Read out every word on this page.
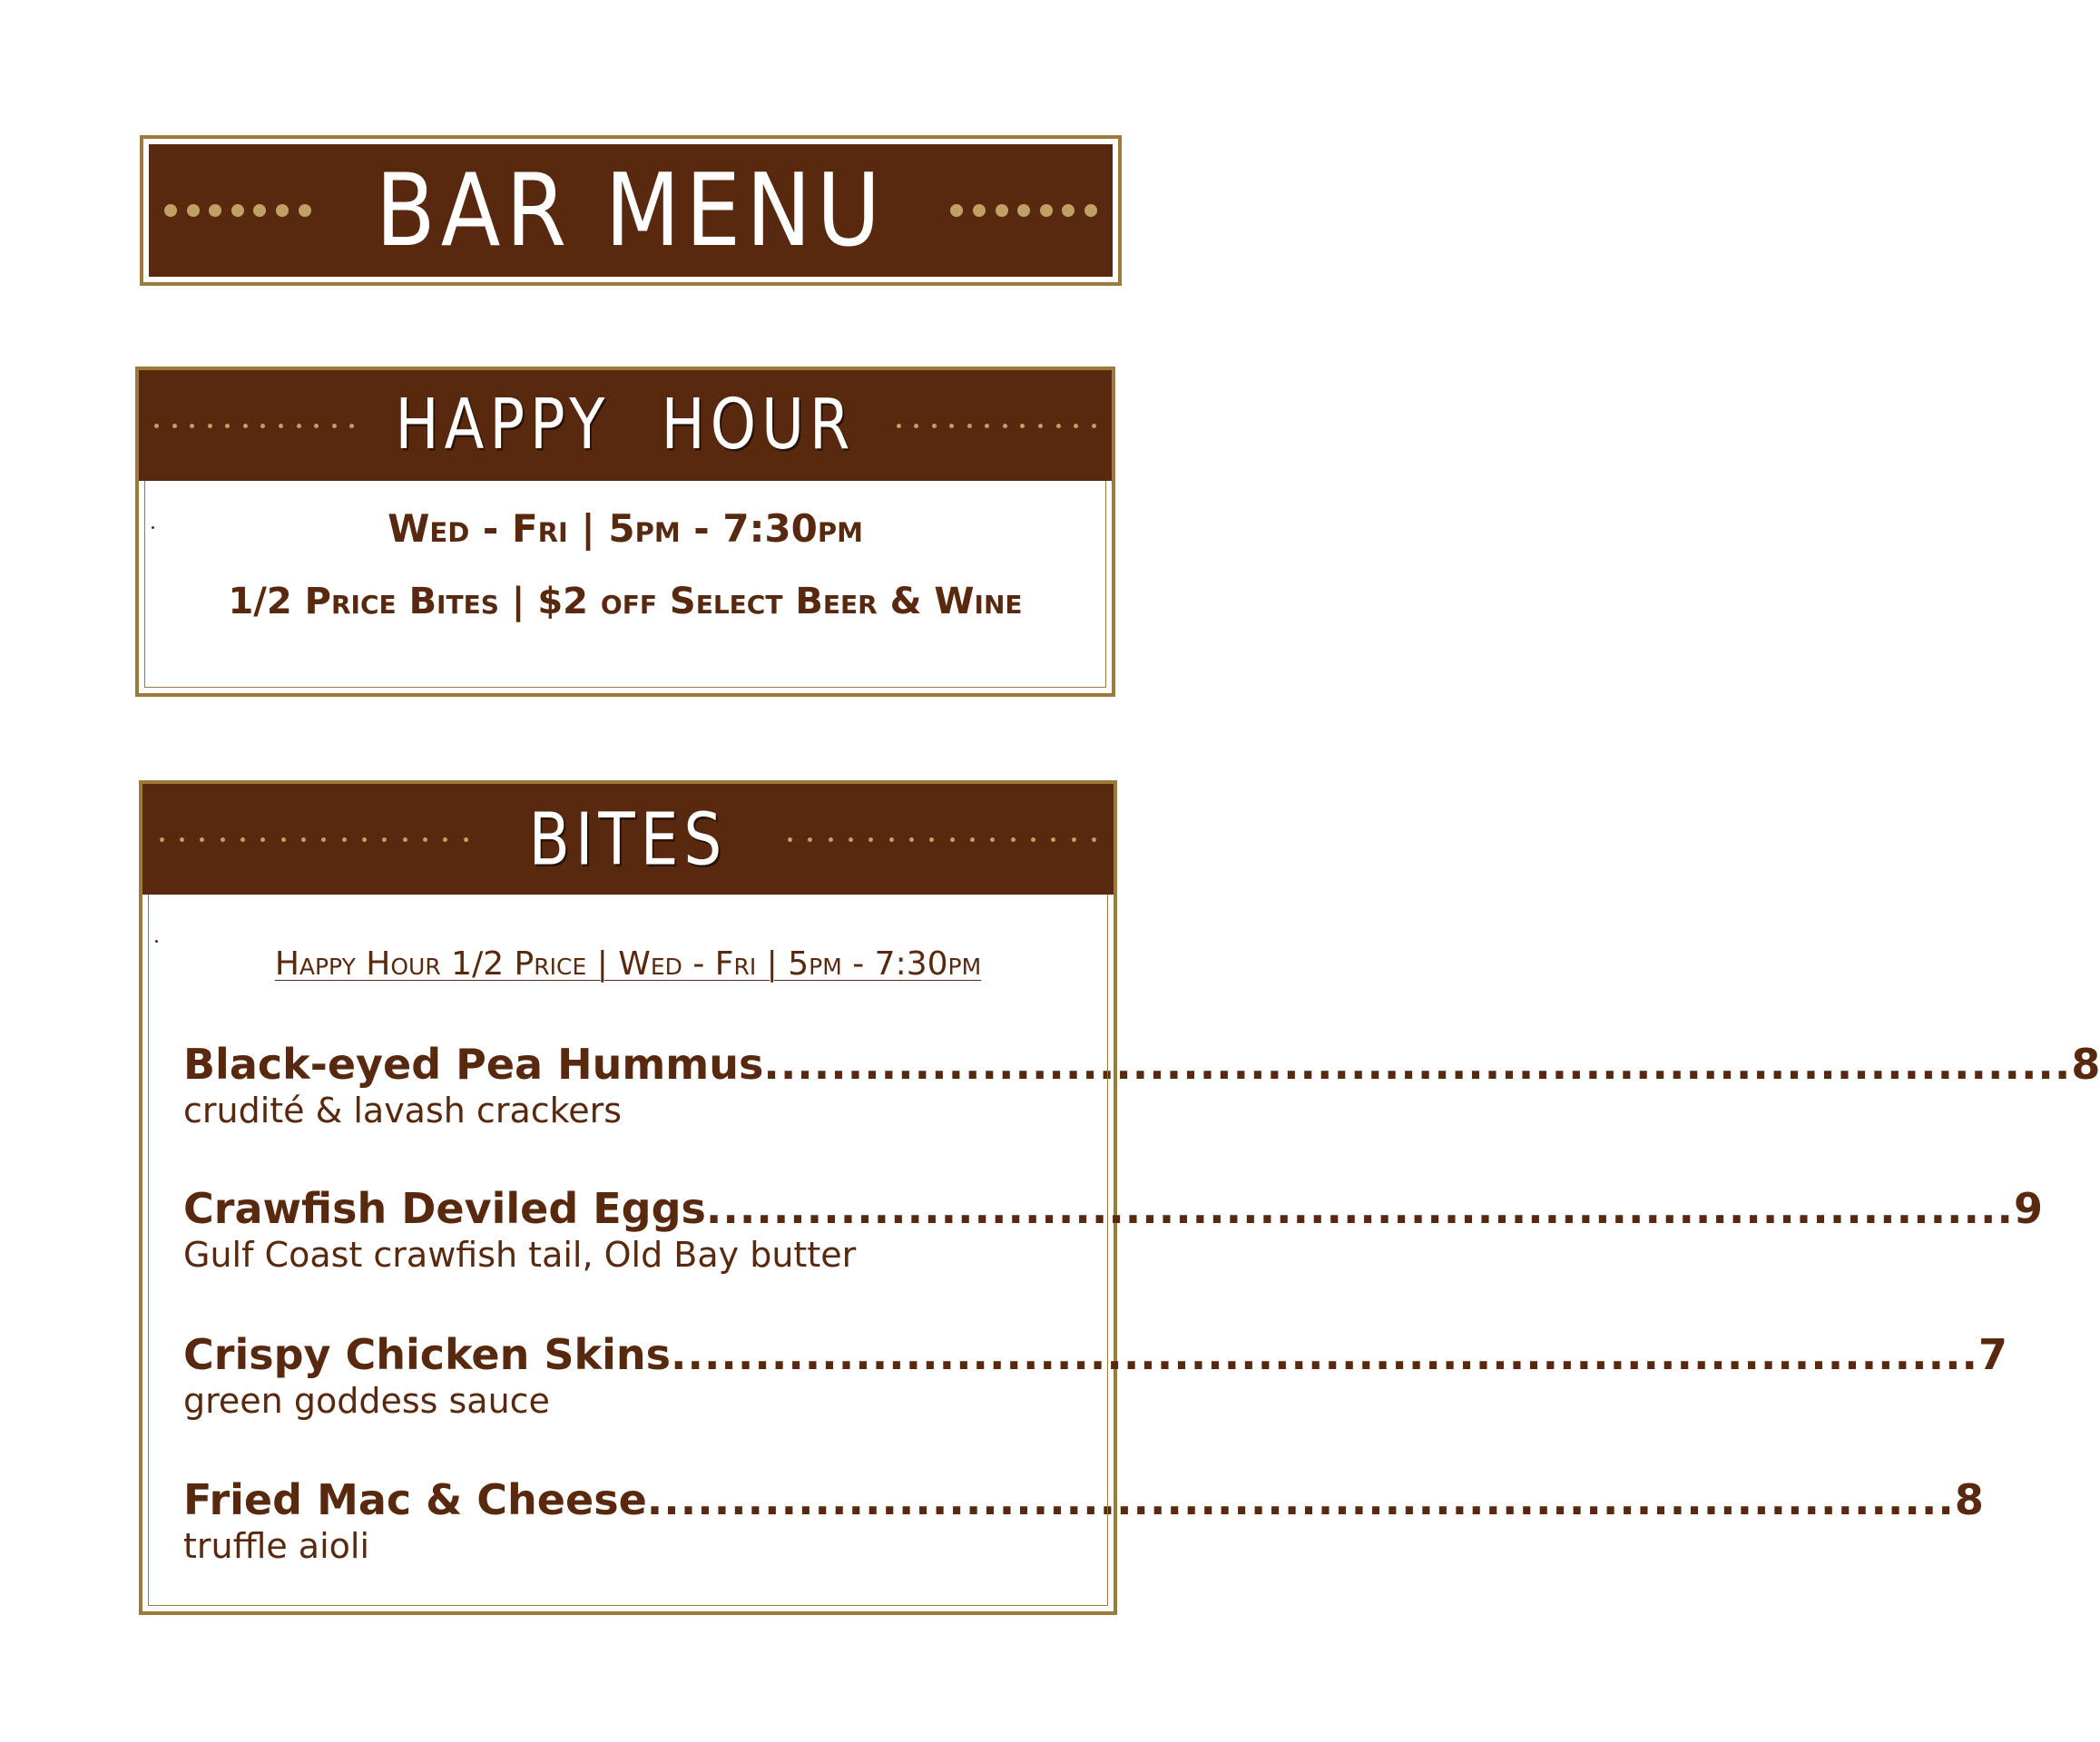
BAR MENU
HAPPY HOUR
Wed - Fri | 5pm - 7:30pm
1/2 Price Bites | $2 off Select Beer & Wine
BITES
Happy Hour 1/2 Price | Wed - Fri | 5pm - 7:30pm
Black-eyed Pea Hummus .............................................................................. 8
crudité & lavash crackers
Crawfish Deviled Eggs .............................................................................. 9
Gulf Coast crawfish tail, Old Bay butter
Crispy Chicken Skins .............................................................................. 7
green goddess sauce
Fried Mac & Cheese .............................................................................. 8
truffle aioli
